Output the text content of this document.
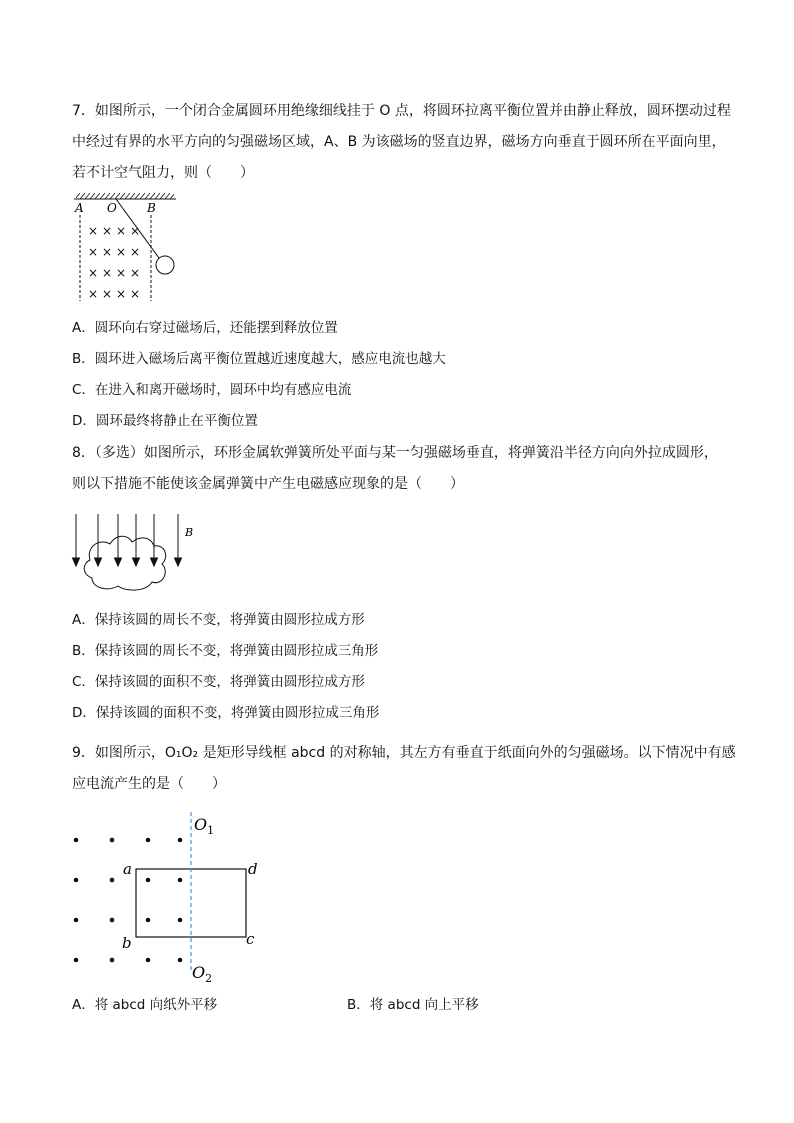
7．如图所示，一个闭合金属圆环用绝缘细线挂于 O 点，将圆环拉离平衡位置并由静止释放，圆环摆动过程
中经过有界的水平方向的匀强磁场区域，A、B 为该磁场的竖直边界，磁场方向垂直于圆环所在平面向里，
若不计空气阻力，则（　　）
A O	B
× × × ×
× × × ×
× × × ×
× × × ×
A．圆环向右穿过磁场后，还能摆到释放位置
B．圆环进入磁场后离平衡位置越近速度越大，感应电流也越大
C．在进入和离开磁场时，圆环中均有感应电流
D．圆环最终将静止在平衡位置
8．（多选）如图所示，环形金属软弹簧所处平面与某一匀强磁场垂直，将弹簧沿半径方向向外拉成圆形，
则以下措施不能使该金属弹簧中产生电磁感应现象的是（　　）
B
A．保持该圆的周长不变，将弹簧由圆形拉成方形
B．保持该圆的周长不变，将弹簧由圆形拉成三角形
C．保持该圆的面积不变，将弹簧由圆形拉成方形
D．保持该圆的面积不变，将弹簧由圆形拉成三角形
9．如图所示，O₁O₂ 是矩形导线框 abcd 的对称轴，其左方有垂直于纸面向外的匀强磁场。以下情况中有感
应电流产生的是（　　）
$O_1$
$O_2$
a
b	c
d
A．将 abcd 向纸外平移	B．将 abcd 向上平移
